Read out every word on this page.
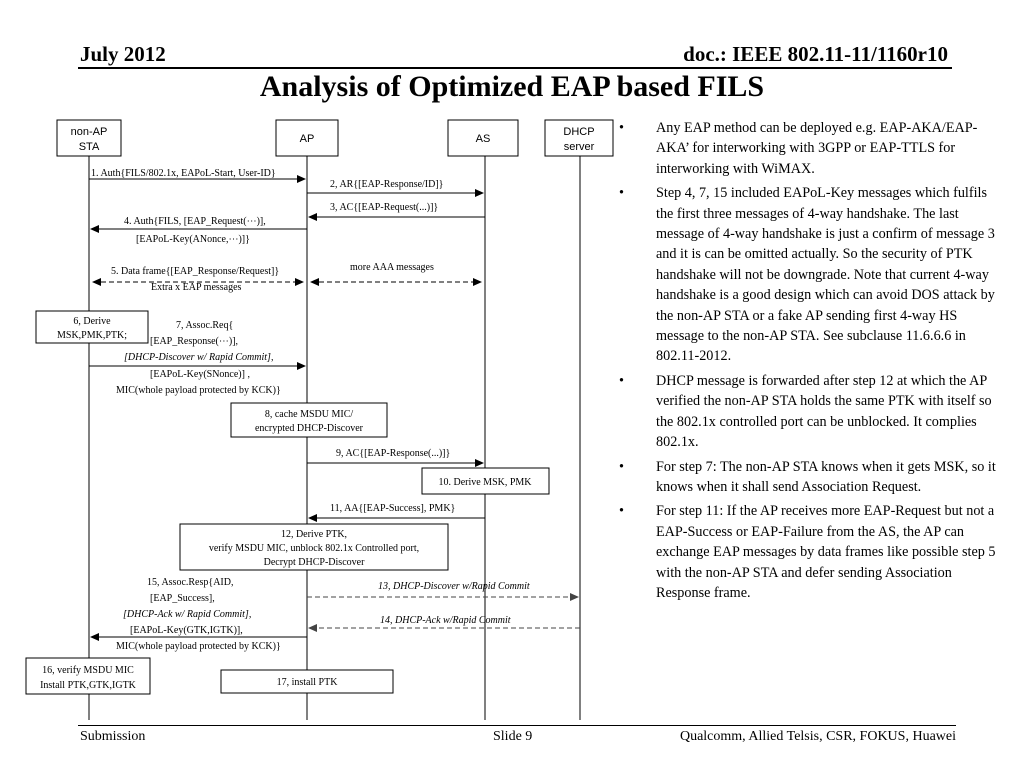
July 2012	doc.: IEEE 802.11-11/1160r10
Analysis of Optimized EAP based FILS
non-AP
STA
AP	AS
DHCP
server
1. Auth{FILS/802.1x, EAPoL-Start, User-ID}
2, AR{[EAP-Response/ID]}
3, AC{[EAP-Request(...)]}
4. Auth{FILS, [EAP_Request(⋯)],
[EAPoL-Key(ANonce,⋯)]}
5. Data frame{[EAP_Response/Request]}
Extra x EAP messages
more AAA messages
6, Derive
MSK,PMK,PTK;
7, Assoc.Req{
[EAP_Response(⋯)],
[DHCP-Discover w/ Rapid Commit],
[EAPoL-Key(SNonce)] ,
MIC(whole payload protected by KCK)}
8, cache MSDU MIC/
encrypted DHCP-Discover
9, AC{[EAP-Response(...)]}
10. Derive MSK, PMK
11, AA{[EAP-Success], PMK}
12, Derive PTK,
verify MSDU MIC, unblock 802.1x Controlled port,
Decrypt DHCP-Discover
13, DHCP-Discover w/Rapid Commit
14, DHCP-Ack w/Rapid Commit
15, Assoc.Resp{AID,
[EAP_Success],
[DHCP-Ack w/ Rapid Commit],
[EAPoL-Key(GTK,IGTK)],
MIC(whole payload protected by KCK)}
16, verify MSDU MIC
Install PTK,GTK,IGTK	17, install PTK
• Any EAP method can be deployed e.g. EAP-AKA/EAP-AKA’ for interworking with 3GPP or EAP-TTLS for interworking with WiMAX.
• Step 4, 7, 15 included EAPoL-Key messages which fulfils the first three messages of 4-way handshake. The last message of 4-way handshake is just a confirm of message 3 and it is can be omitted actually. So the security of PTK handshake will not be downgrade. Note that current 4-way handshake is a good design which can avoid DOS attack by the non-AP STA or a fake AP sending first 4-way HS message to the non-AP STA. See subclause 11.6.6.6 in 802.11-2012.
• DHCP message is forwarded after step 12 at which the AP verified the non-AP STA holds the same PTK with itself so the 802.1x controlled port can be unblocked. It complies 802.1x.
• For step 7: The non-AP STA knows when it gets MSK, so it knows when it shall send Association Request.
• For step 11: If the AP receives more EAP-Request but not a EAP-Success or EAP-Failure from the AS, the AP can exchange EAP messages by data frames like possible step 5 with the non-AP STA and defer sending Association Response frame.
Submission	Slide 9	Qualcomm, Allied Telsis, CSR, FOKUS, Huawei
